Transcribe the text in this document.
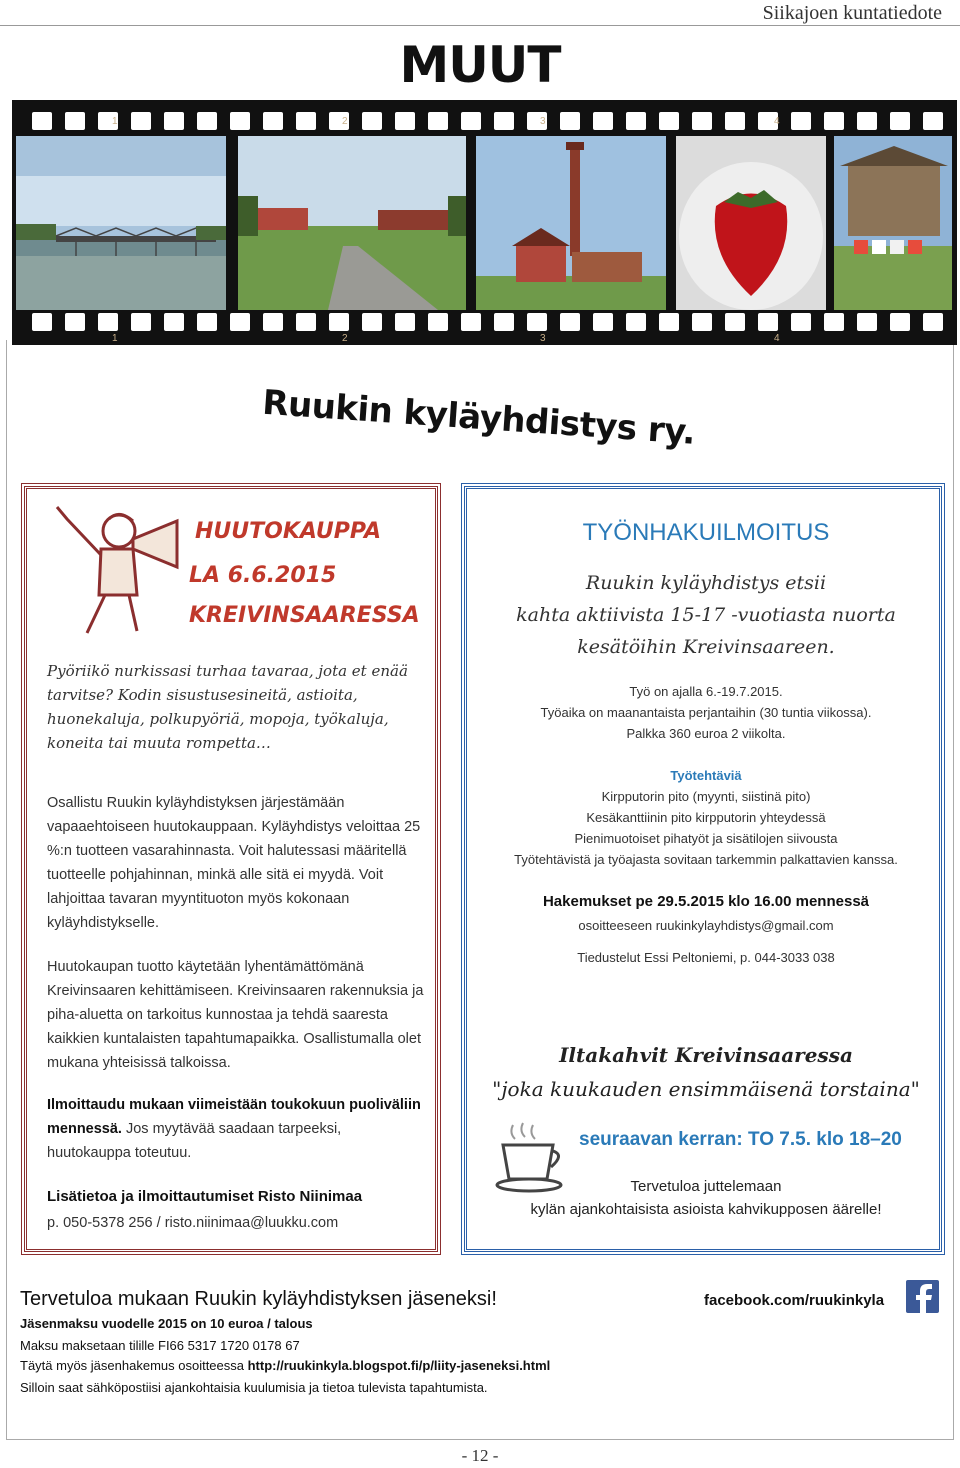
Siikajoen kuntatiedote
MUUT
1	2	3	4
1	2	3	4
Ruukin kyläyhdistys ry.
HUUTOKAUPPA
LA 6.6.2015
KREIVINSAARESSA
Pyöriikö nurkissasi turhaa tavaraa, jota et enää tarvitse? Kodin sisustusesineitä, astioita, huonekaluja, polkupyöriä, mopoja, työkaluja, koneita tai muuta rompetta…
Osallistu Ruukin kyläyhdistyksen järjestämään vapaaehtoiseen huutokauppaan. Kyläyhdistys veloittaa 25 %:n tuotteen vasarahinnasta. Voit halutessasi määritellä tuotteelle pohjahinnan, minkä alle sitä ei myydä. Voit lahjoittaa tavaran myyntituoton myös kokonaan kyläyhdistykselle.
Huutokaupan tuotto käytetään lyhentämättömänä Kreivinsaaren kehittämiseen. Kreivinsaaren rakennuksia ja piha-aluetta on tarkoitus kunnostaa ja tehdä saaresta kaikkien kuntalaisten tapahtumapaikka. Osallistumalla olet mukana yhteisissä talkoissa.
Ilmoittaudu mukaan viimeistään toukokuun puoliväliin mennessä. Jos myytävää saadaan tarpeeksi, huutokauppa toteutuu.
Lisätietoa ja ilmoittautumiset Risto Niinimaa
p. 050-5378 256 / risto.niinimaa@luukku.com
TYÖNHAKUILMOITUS
Ruukin kyläyhdistys etsii
kahta aktiivista 15-17 -vuotiasta nuorta
kesätöihin Kreivinsaareen.
Työ on ajalla 6.-19.7.2015.
Työaika on maanantaista perjantaihin (30 tuntia viikossa).
Palkka 360 euroa 2 viikolta.
Työtehtäviä
Kirpputorin pito (myynti, siistinä pito)
Kesäkanttiinin pito kirpputorin yhteydessä
Pienimuotoiset pihatyöt ja sisätilojen siivousta
Työtehtävistä ja työajasta sovitaan tarkemmin palkattavien kanssa.
Hakemukset pe 29.5.2015 klo 16.00 mennessä
osoitteeseen ruukinkylayhdistys@gmail.com
Tiedustelut Essi Peltoniemi, p. 044-3033 038
Iltakahvit Kreivinsaaressa
"joka kuukauden ensimmäisenä torstaina"
seuraavan kerran: TO 7.5. klo 18–20
Tervetuloa juttelemaan
kylän ajankohtaisista asioista kahvikupposen äärelle!
Tervetuloa mukaan Ruukin kyläyhdistyksen jäseneksi!	facebook.com/ruukinkyla
Jäsenmaksu vuodelle 2015 on 10 euroa / talous
Maksu maksetaan tilille FI66 5317 1720 0178 67
Täytä myös jäsenhakemus osoitteessa http://ruukinkyla.blogspot.fi/p/liity-jaseneksi.html
Silloin saat sähköpostiisi ajankohtaisia kuulumisia ja tietoa tulevista tapahtumista.
- 12 -
